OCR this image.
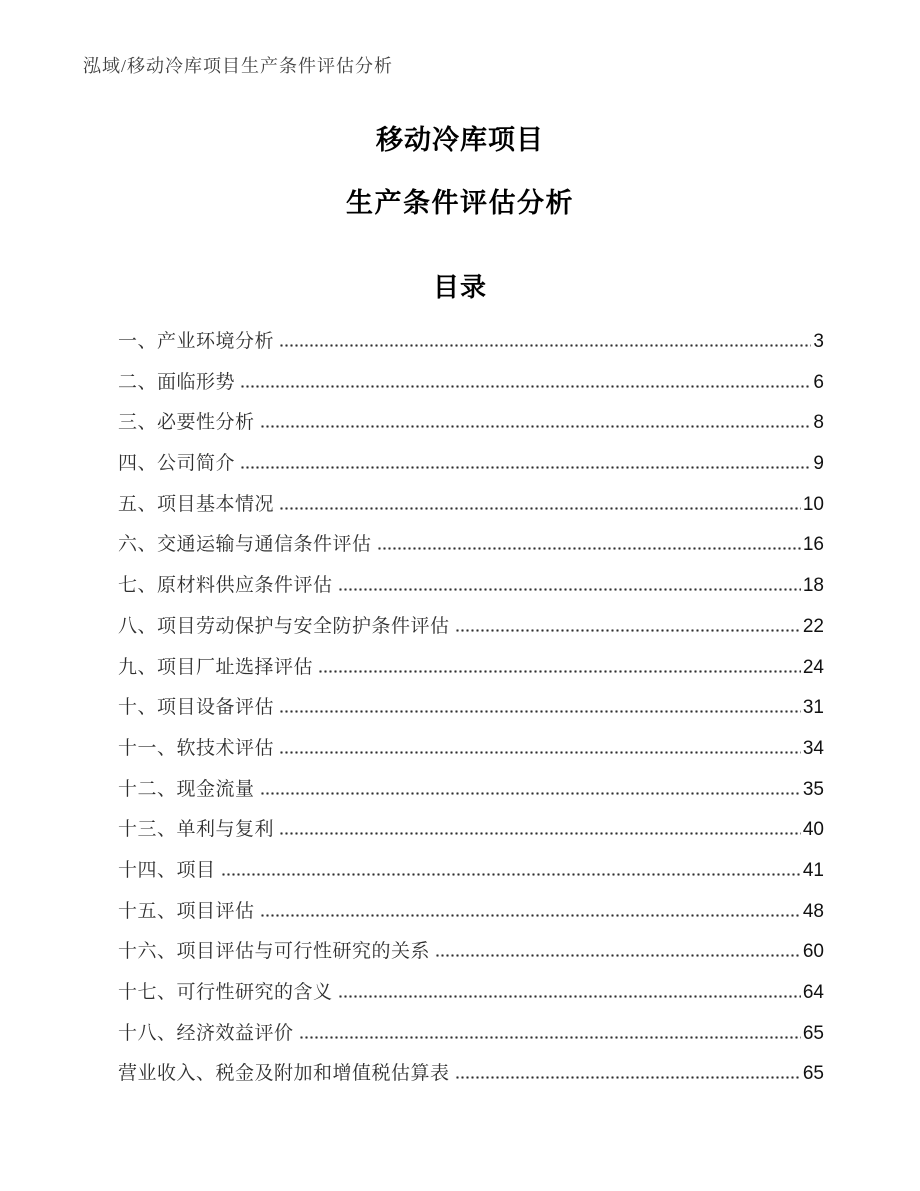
泓域/移动冷库项目生产条件评估分析
移动冷库项目
生产条件评估分析
目录
一、产业环境分析	3
二、面临形势	6
三、必要性分析	8
四、公司简介	9
五、项目基本情况	10
六、交通运输与通信条件评估	16
七、原材料供应条件评估	18
八、项目劳动保护与安全防护条件评估	22
九、项目厂址选择评估	24
十、项目设备评估	31
十一、软技术评估	34
十二、现金流量	35
十三、单利与复利	40
十四、项目	41
十五、项目评估	48
十六、项目评估与可行性研究的关系	60
十七、可行性研究的含义	64
十八、经济效益评价	65
营业收入、税金及附加和增值税估算表	65
